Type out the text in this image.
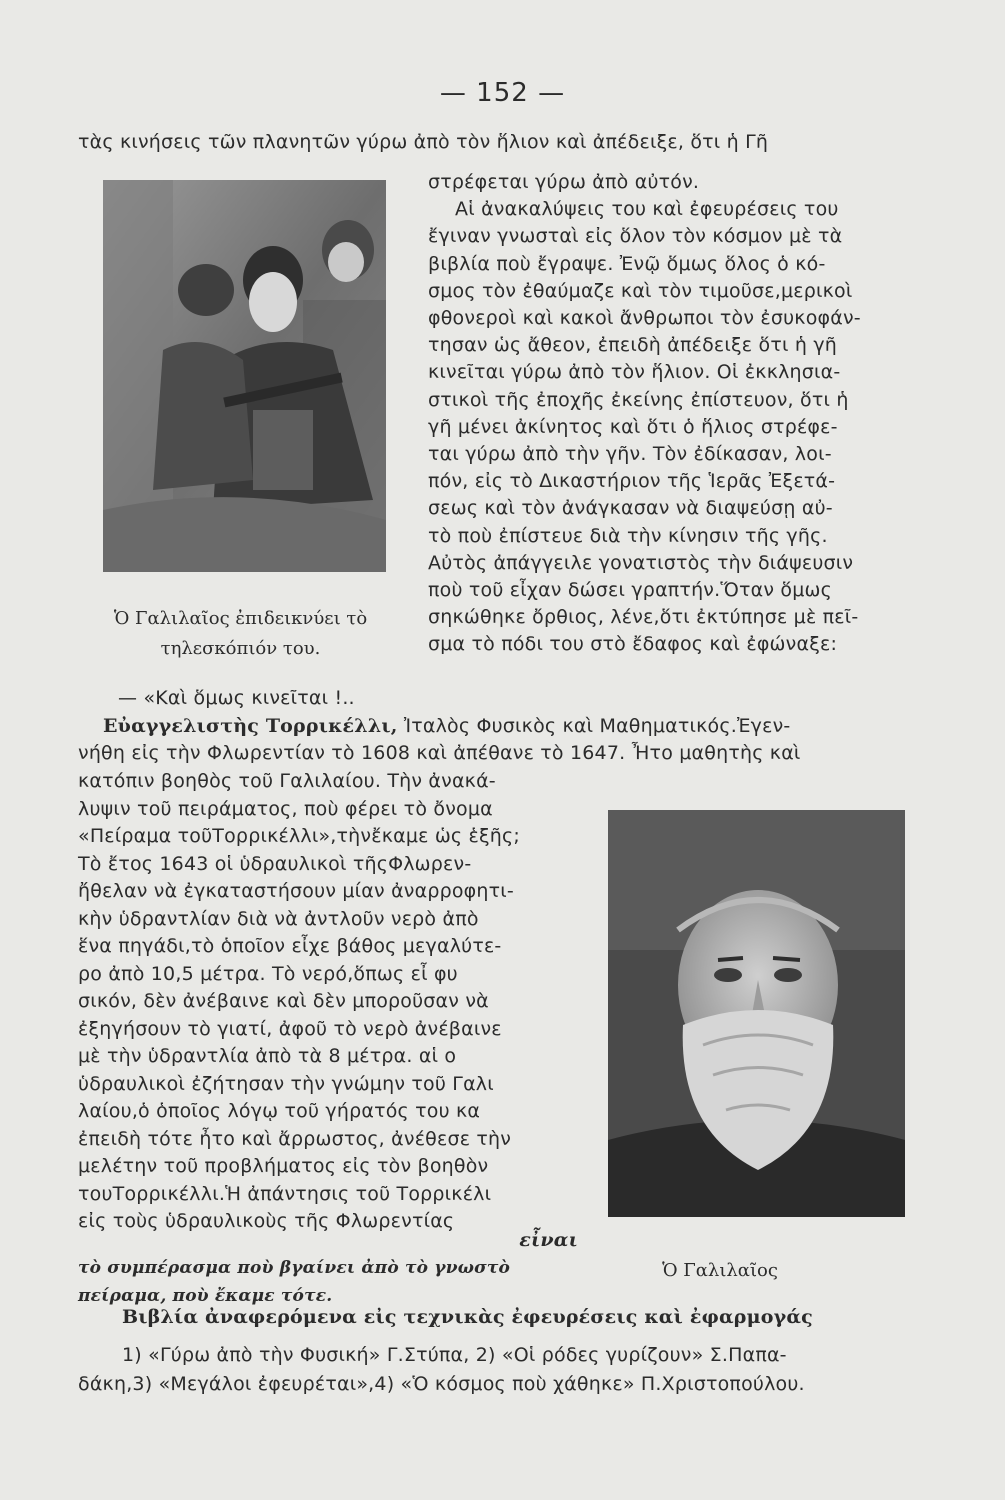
— 152 —
τὰς κινήσεις τῶν πλανητῶν γύρω ἀπὸ τὸν ἥλιον καὶ ἀπέδειξε, ὅτι ἡ Γῆ
στρέφεται γύρω ἀπὸ αὐτόν.
Αἱ ἀνακαλύψεις του καὶ ἐφευρέσεις του
ἔγιναν γνωσταὶ εἰς ὅλον τὸν κόσμον μὲ τὰ
βιβλία ποὺ ἔγραψε. Ἐνῷ ὅμως ὅλος ὁ κό-
σμος τὸν ἐθαύμαζε καὶ τὸν τιμοῦσε,μερικοὶ
φθονεροὶ καὶ κακοὶ ἄνθρωποι τὸν ἐσυκοφάν-
τησαν ὡς ἄθεον, ἐπειδὴ ἀπέδειξε ὅτι ἡ γῆ
κινεῖται γύρω ἀπὸ τὸν ἥλιον. Οἱ ἐκκλησια-
στικοὶ τῆς ἐποχῆς ἐκείνης ἐπίστευον, ὅτι ἡ
γῆ μένει ἀκίνητος καὶ ὅτι ὁ ἥλιος στρέφε-
ται γύρω ἀπὸ τὴν γῆν. Τὸν ἐδίκασαν, λοι-
πόν, εἰς τὸ Δικαστήριον τῆς Ἱερᾶς Ἐξετά-
σεως καὶ τὸν ἀνάγκασαν νὰ διαψεύσῃ αὐ-
τὸ ποὺ ἐπίστευε διὰ τὴν κίνησιν τῆς γῆς.
Αὐτὸς ἀπάγγειλε γονατιστὸς τὴν διάψευσιν
ποὺ τοῦ εἶχαν δώσει γραπτήν.Ὅταν ὅμως
σηκώθηκε ὄρθιος, λένε,ὅτι ἐκτύπησε μὲ πεῖ-
σμα τὸ πόδι του στὸ ἔδαφος καὶ ἐφώναξε:
Ὁ Γαλιλαῖος ἐπιδεικνύει τὸ
τηλεσκόπιόν του.
— «Καὶ ὅμως κινεῖται !..
Εὐαγγελιστὴς Τορρικέλλι, Ἰταλὸς Φυσικὸς καὶ Μαθηματικός.Ἐγεν-
νήθη εἰς τὴν Φλωρεντίαν τὸ 1608 καὶ ἀπέθανε τὸ 1647. Ἦτο μαθητὴς καὶ
κατόπιν βοηθὸς τοῦ Γαλιλαίου. Τὴν ἀνακά-
λυψιν τοῦ πειράματος, ποὺ φέρει τὸ ὄνομα
«Πείραμα τοῦΤορρικέλλι»,τὴνἔκαμε ὡς ἑξῆς;
Τὸ ἔτος 1643 οἱ ὑδραυλικοὶ τῆςΦλωρεν-
ἤθελαν νὰ ἐγκαταστήσουν μίαν ἀναρροφητι-
κὴν ὑδραντλίαν διὰ νὰ ἀντλοῦν νερὸ ἀπὸ
ἕνα πηγάδι,τὸ ὁποῖον εἶχε βάθος μεγαλύτε-
ρο ἀπὸ 10,5 μέτρα. Τὸ νερό,ὅπως εἶ φυ
σικόν, δὲν ἀνέβαινε καὶ δὲν μποροῦσαν νὰ
ἐξηγήσουν τὸ γιατί, ἀφοῦ τὸ νερὸ ἀνέβαινε
μὲ τὴν ὑδραντλία ἀπὸ τὰ 8 μέτρα. αἱ ο
ὑδραυλικοὶ ἐζήτησαν τὴν γνώμην τοῦ Γαλι
λαίου,ὁ ὁποῖος λόγῳ τοῦ γήρατός του κα
ἐπειδὴ τότε ἦτο καὶ ἄρρωστος, ἀνέθεσε τὴν
μελέτην τοῦ προβλήματος εἰς τὸν βοηθὸν
τουΤορρικέλλι.Ἡ ἀπάντησις τοῦ Τορρικέλι
εἰς τοὺς ὑδραυλικοὺς τῆς Φλωρεντίας
εἶναι
τὸ συμπέρασμα ποὺ βγαίνει ἀπὸ τὸ γνωστὸ
πείραμα, ποὺ ἔκαμε τότε.
Ὁ Γαλιλαῖος
Βιβλία ἀναφερόμενα εἰς τεχνικὰς ἐφευρέσεις καὶ ἐφαρμογάς
1) «Γύρω ἀπὸ τὴν Φυσική» Γ.Στύπα, 2) «Οἱ ρόδες γυρίζουν» Σ.Παπα-
δάκη,3) «Μεγάλοι ἐφευρέται»,4) «Ὁ κόσμος ποὺ χάθηκε» Π.Χριστοπούλου.
